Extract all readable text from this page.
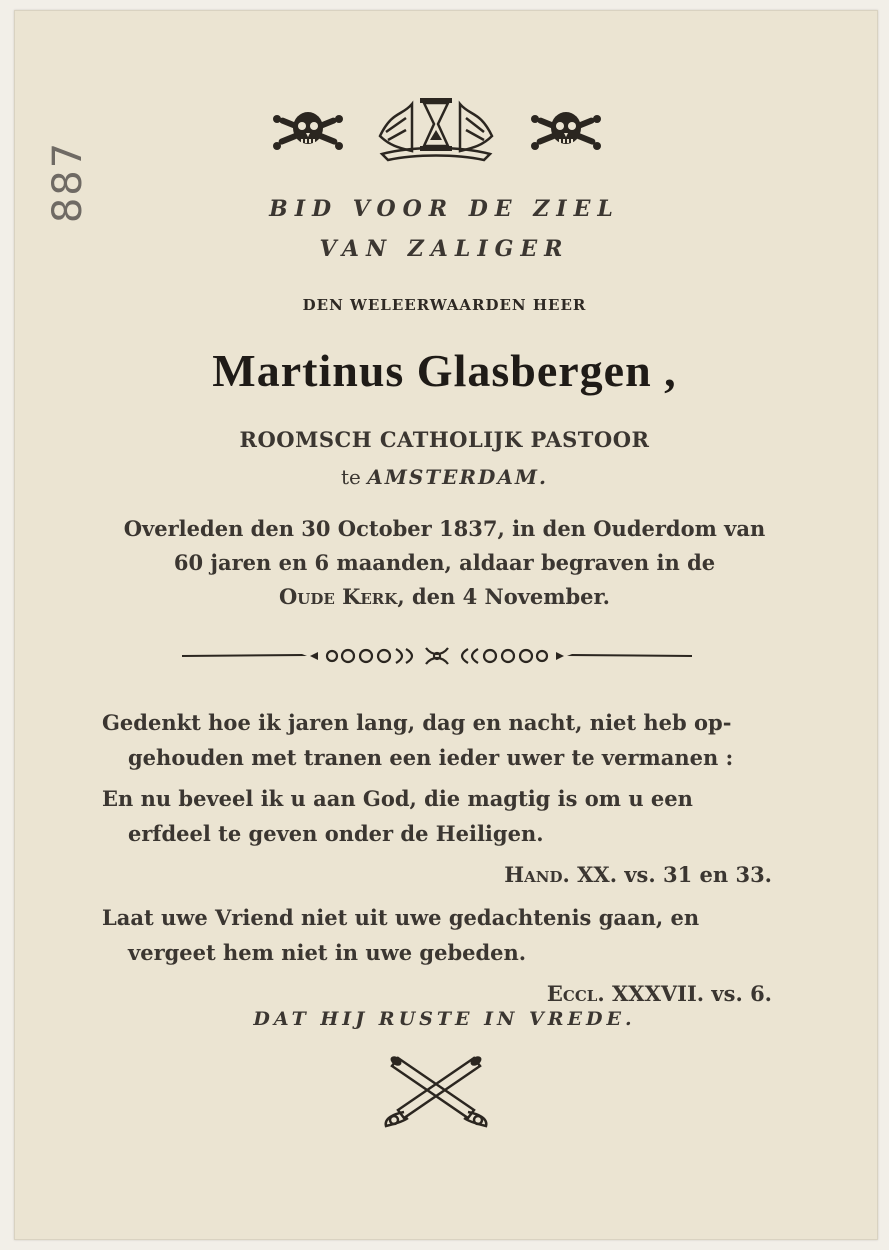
887	BID VOOR DE ZIEL
VAN ZALIGER
DEN WELEERWAARDEN HEER
Martinus Glasbergen ,
ROOMSCH CATHOLIJK PASTOOR
te AMSTERDAM.
Overleden den 30 October 1837, in den Ouderdom van
60 jaren en 6 maanden, aldaar begraven in de
Oude Kerk, den 4 November.
Gedenkt hoe ik jaren lang, dag en nacht, niet heb op-
gehouden met tranen een ieder uwer te vermanen :
En nu beveel ik u aan God, die magtig is om u een
erfdeel te geven onder de Heiligen.
Hand. XX. vs. 31 en 33.
Laat uwe Vriend niet uit uwe gedachtenis gaan, en
vergeet hem niet in uwe gebeden.
Eccl. XXXVII. vs. 6.
DAT HIJ RUSTE IN VREDE.
